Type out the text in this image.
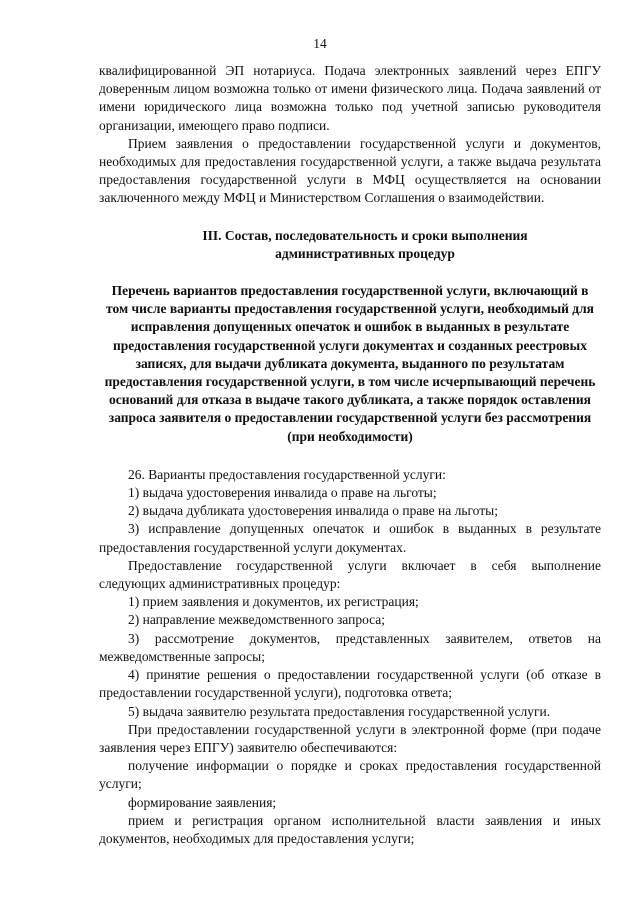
14

квалифицированной ЭП нотариуса. Подача электронных заявлений через ЕПГУ доверенным лицом возможна только от имени физического лица. Подача заявлений от имени юридического лица возможна только под учетной записью руководителя организации, имеющего право подписи.

Прием заявления о предоставлении государственной услуги и документов, необходимых для предоставления государственной услуги, а также выдача результата предоставления государственной услуги в МФЦ осуществляется на основании заключенного между МФЦ и Министерством Соглашения о взаимодействии.

III. Состав, последовательность и сроки выполнения административных процедур

Перечень вариантов предоставления государственной услуги, включающий в том числе варианты предоставления государственной услуги, необходимый для исправления допущенных опечаток и ошибок в выданных в результате предоставления государственной услуги документах и созданных реестровых записях, для выдачи дубликата документа, выданного по результатам предоставления государственной услуги, в том числе исчерпывающий перечень оснований для отказа в выдаче такого дубликата, а также порядок оставления запроса заявителя о предоставлении государственной услуги без рассмотрения (при необходимости)

26. Варианты предоставления государственной услуги:

1) выдача удостоверения инвалида о праве на льготы;

2) выдача дубликата удостоверения инвалида о праве на льготы;

3) исправление допущенных опечаток и ошибок в выданных в результате предоставления государственной услуги документах.

Предоставление государственной услуги включает в себя выполнение следующих административных процедур:

1) прием заявления и документов, их регистрация;

2) направление межведомственного запроса;

3) рассмотрение документов, представленных заявителем, ответов на межведомственные запросы;

4) принятие решения о предоставлении государственной услуги (об отказе в предоставлении государственной услуги), подготовка ответа;

5) выдача заявителю результата предоставления государственной услуги.

При предоставлении государственной услуги в электронной форме (при подаче заявления через ЕПГУ) заявителю обеспечиваются:

получение информации о порядке и сроках предоставления государственной услуги;

формирование заявления;

прием и регистрация органом исполнительной власти заявления и иных документов, необходимых для предоставления услуги;
